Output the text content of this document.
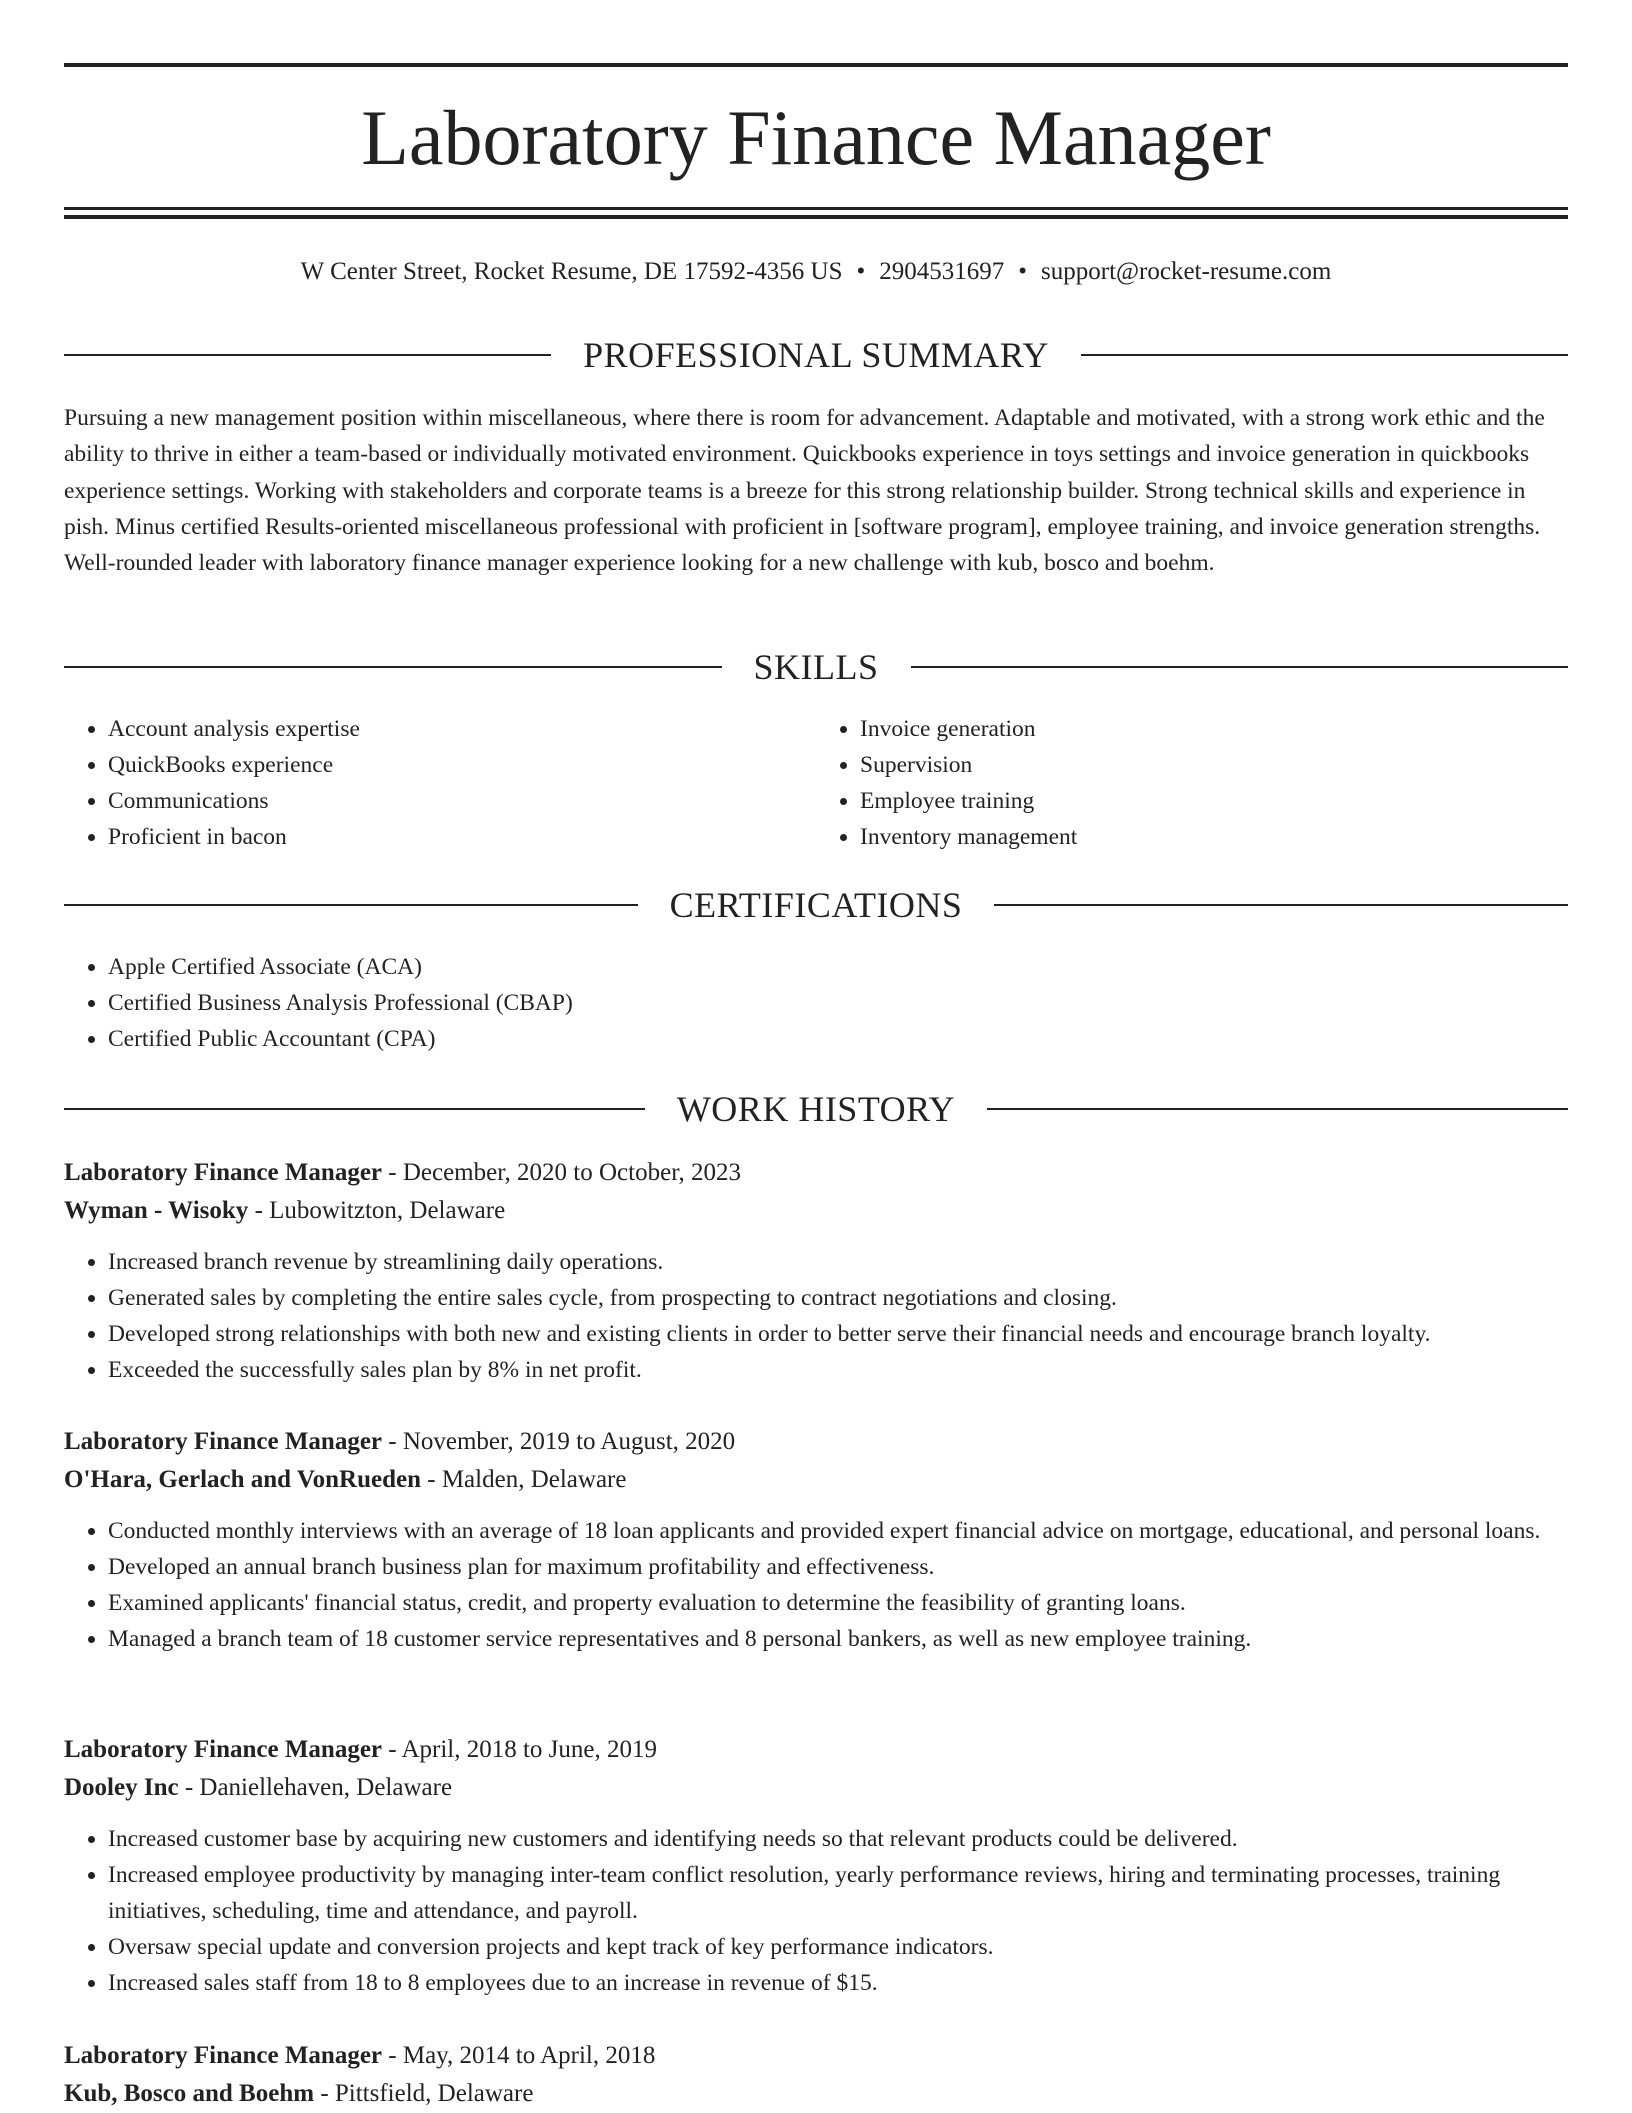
Laboratory Finance Manager
W Center Street, Rocket Resume, DE 17592-4356 US • 2904531697 • support@rocket-resume.com
PROFESSIONAL SUMMARY

Pursuing a new management position within miscellaneous, where there is room for advancement. Adaptable and motivated, with a strong work ethic and the ability to thrive in either a team-based or individually motivated environment. Quickbooks experience in toys settings and invoice generation in quickbooks experience settings. Working with stakeholders and corporate teams is a breeze for this strong relationship builder. Strong technical skills and experience in pish. Minus certified Results-oriented miscellaneous professional with proficient in [software program], employee training, and invoice generation strengths. Well-rounded leader with laboratory finance manager experience looking for a new challenge with kub, bosco and boehm.

SKILLS
• Account analysis expertise
• QuickBooks experience
• Communications
• Proficient in bacon
• Invoice generation
• Supervision
• Employee training
• Inventory management
CERTIFICATIONS
• Apple Certified Associate (ACA)
• Certified Business Analysis Professional (CBAP)
• Certified Public Accountant (CPA)
WORK HISTORY
Laboratory Finance Manager - December, 2020 to October, 2023
Wyman - Wisoky - Lubowitzton, Delaware
• Increased branch revenue by streamlining daily operations.
• Generated sales by completing the entire sales cycle, from prospecting to contract negotiations and closing.
• Developed strong relationships with both new and existing clients in order to better serve their financial needs and encourage branch loyalty.
• Exceeded the successfully sales plan by 8% in net profit.
Laboratory Finance Manager - November, 2019 to August, 2020
O'Hara, Gerlach and VonRueden - Malden, Delaware
• Conducted monthly interviews with an average of 18 loan applicants and provided expert financial advice on mortgage, educational, and personal loans.
• Developed an annual branch business plan for maximum profitability and effectiveness.
• Examined applicants' financial status, credit, and property evaluation to determine the feasibility of granting loans.
• Managed a branch team of 18 customer service representatives and 8 personal bankers, as well as new employee training.
Laboratory Finance Manager - April, 2018 to June, 2019
Dooley Inc - Daniellehaven, Delaware
• Increased customer base by acquiring new customers and identifying needs so that relevant products could be delivered.
• Increased employee productivity by managing inter-team conflict resolution, yearly performance reviews, hiring and terminating processes, training initiatives, scheduling, time and attendance, and payroll.
• Oversaw special update and conversion projects and kept track of key performance indicators.
• Increased sales staff from 18 to 8 employees due to an increase in revenue of $15.
Laboratory Finance Manager - May, 2014 to April, 2018
Kub, Bosco and Boehm - Pittsfield, Delaware
